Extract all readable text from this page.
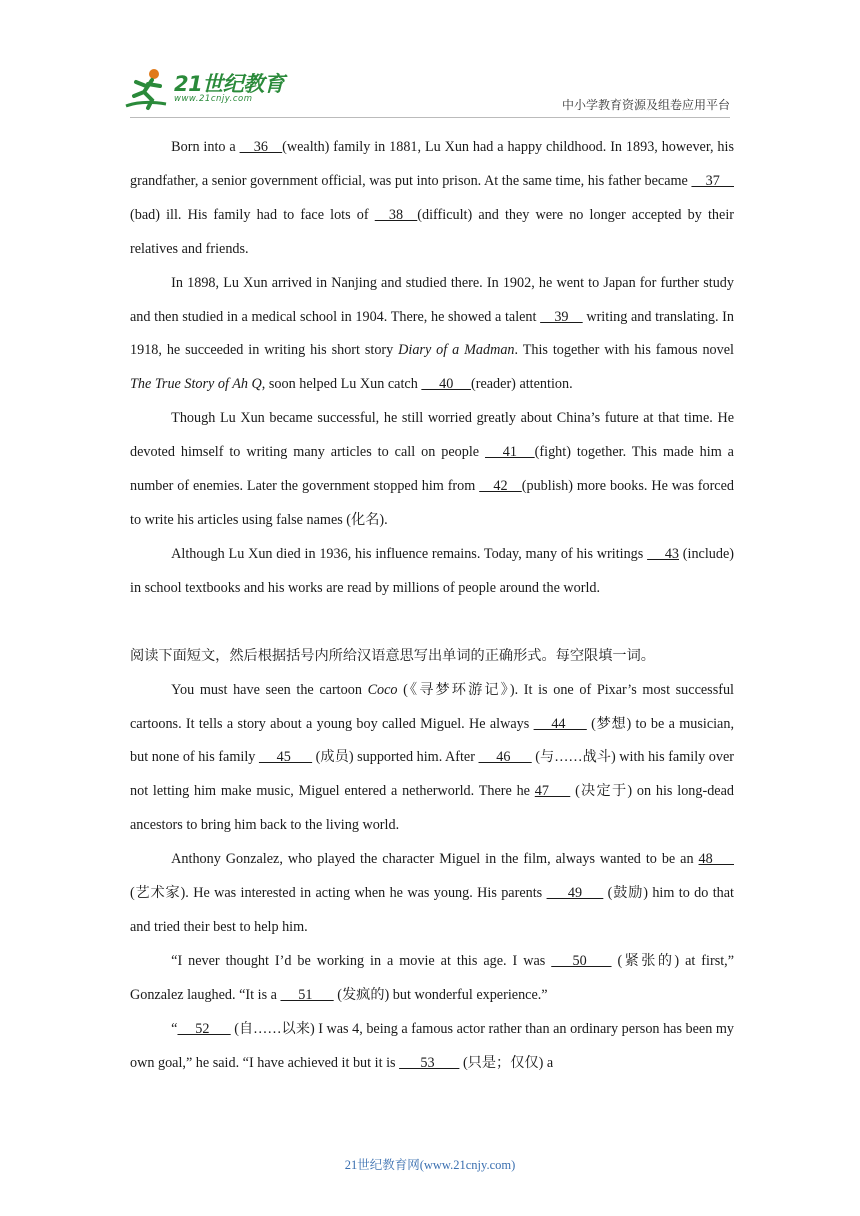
21世纪教育
www.21cnjy.com	中小学教育资源及组卷应用平台

Born into a     36    (wealth) family in 1881, Lu Xun had a happy childhood. In 1893, however, his grandfather, a senior government official, was put into prison. At the same time, his father became     37    (bad) ill. His family had to face lots of     38    (difficult) and they were no longer accepted by their relatives and friends.

In 1898, Lu Xun arrived in Nanjing and studied there. In 1902, he went to Japan for further study and then studied in a medical school in 1904. There, he showed a talent     39     writing and translating. In 1918, he succeeded in writing his short story Diary of a Madman. This together with his famous novel The True Story of Ah Q, soon helped Lu Xun catch      40     (reader) attention.

Though Lu Xun became successful, he still worried greatly about China’s future at that time. He devoted himself to writing many articles to call on people      41     (fight) together. This made him a number of enemies. Later the government stopped him from     42    (publish) more books. He was forced to write his articles using false names (化名).

Although Lu Xun died in 1936, his influence remains. Today, many of his writings      43 (include) in school textbooks and his works are read by millions of people around the world.

阅读下面短文，然后根据括号内所给汉语意思写出单词的正确形式。每空限填一词。

You must have seen the cartoon Coco (《寻梦环游记》). It is one of Pixar’s most successful cartoons. It tells a story about a young boy called Miguel. He always      44       (梦想) to be a musician, but none of his family      45       (成员) supported him. After      46       (与……战斗) with his family over not letting him make music, Miguel entered a netherworld. There he 47       (决定于) on his long-dead ancestors to bring him back to the living world.

Anthony Gonzalez, who played the character Miguel in the film, always wanted to be an 48       (艺术家). He was interested in acting when he was young. His parents       49       (鼓励) him to do that and tried their best to help him.

“I never thought I’d be working in a movie at this age. I was       50        (紧张的) at first,” Gonzalez laughed. “It is a      51       (发疯的) but wonderful experience.”

“     52       (自……以来) I was 4, being a famous actor rather than an ordinary person has been my own goal,” he said. “I have achieved it but it is       53        (只是；仅仅) a

21世纪教育网(www.21cnjy.com)
